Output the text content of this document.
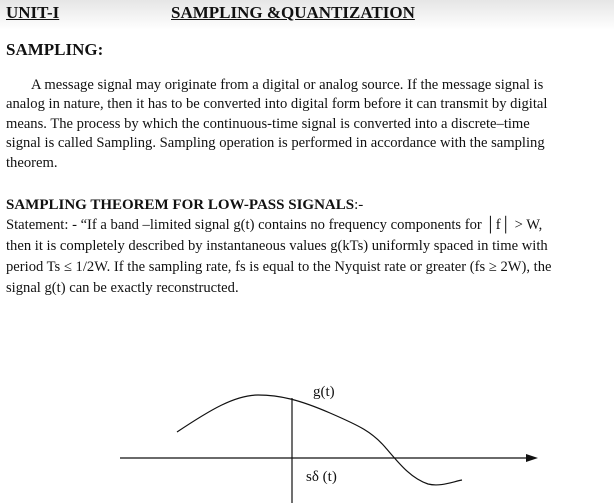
UNIT-I	SAMPLING &QUANTIZATION
SAMPLING:
A message signal may originate from a digital or analog source. If the message signal is
analog in nature, then it has to be converted into digital form before it can transmit by digital
means. The process by which the continuous-time signal is converted into a discrete–time
signal is called Sampling. Sampling operation is performed in accordance with the sampling
theorem.
SAMPLING THEOREM FOR LOW-PASS SIGNALS:-
Statement: - “If a band –limited signal g(t) contains no frequency components for │f│ > W,
then it is completely described by instantaneous values g(kTs) uniformly spaced in time with
period Ts ≤ 1/2W. If the sampling rate, fs is equal to the Nyquist rate or greater (fs ≥ 2W), the
signal g(t) can be exactly reconstructed.
g(t)
sδ (t)
